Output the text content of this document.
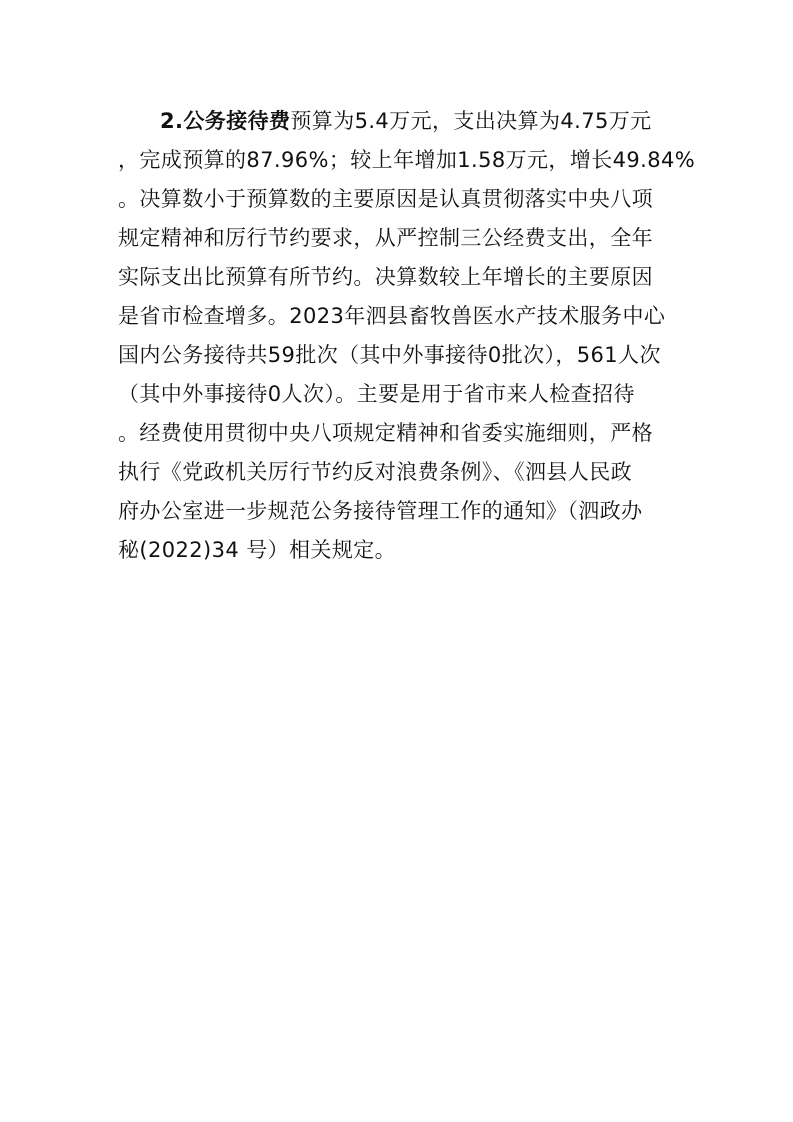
2.公务接待费预算为5.4万元，支出决算为4.75万元
，完成预算的87.96%；较上年增加1.58万元，增长49.84%
。决算数小于预算数的主要原因是认真贯彻落实中央八项
规定精神和厉行节约要求，从严控制三公经费支出，全年
实际支出比预算有所节约。决算数较上年增长的主要原因
是省市检查增多。2023年泗县畜牧兽医水产技术服务中心
国内公务接待共59批次（其中外事接待0批次），561人次
（其中外事接待0人次）。主要是用于省市来人检查招待
。经费使用贯彻中央八项规定精神和省委实施细则，严格
执行《党政机关厉行节约反对浪费条例》、《泗县人民政
府办公室进一步规范公务接待管理工作的通知》（泗政办
秘(2022)34 号）相关规定。
